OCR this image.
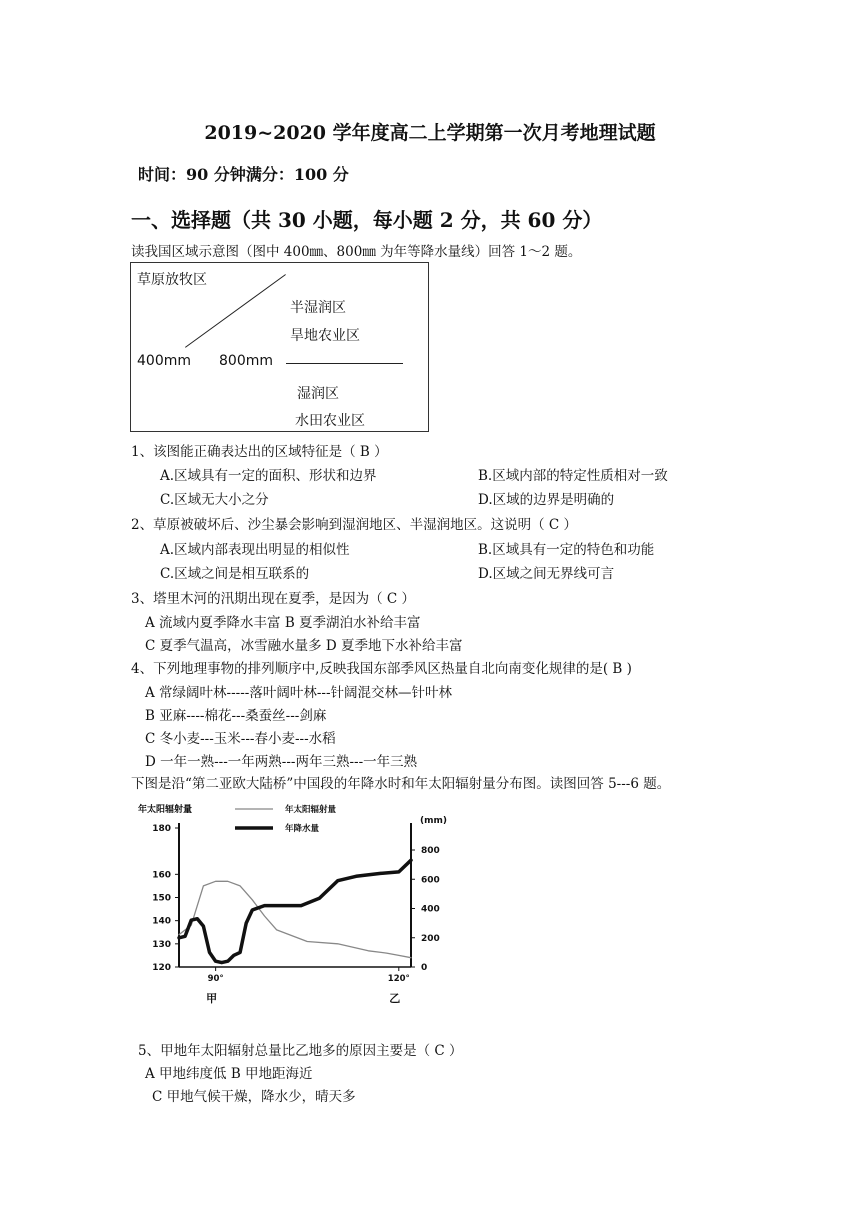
2019~2020 学年度高二上学期第一次月考地理试题
时间：90 分钟满分：100 分
一、选择题（共 30 小题，每小题 2 分，共 60 分）
读我国区域示意图（图中 400㎜、800㎜ 为年等降水量线）回答 1～2 题。
草原放牧区
半湿润区
旱地农业区
400mm 800mm
湿润区
水田农业区
1、该图能正确表达出的区域特征是（ B ）
A.区域具有一定的面积、形状和边界	B.区域内部的特定性质相对一致
C.区域无大小之分	D.区域的边界是明确的
2、草原被破坏后、沙尘暴会影响到湿润地区、半湿润地区。这说明（ C ）
A.区域内部表现出明显的相似性	B.区域具有一定的特色和功能
C.区域之间是相互联系的	D.区域之间无界线可言
3、塔里木河的汛期出现在夏季，是因为（ C ）
A 流域内夏季降水丰富 B 夏季湖泊水补给丰富
C 夏季气温高，冰雪融水量多 D 夏季地下水补给丰富
4、下列地理事物的排列顺序中,反映我国东部季风区热量自北向南变化规律的是( B )
A 常绿阔叶林-----落叶阔叶林---针阔混交林—针叶林
B 亚麻----棉花---桑蚕丝---剑麻
C 冬小麦---玉米---春小麦---水稻
D 一年一熟---一年两熟---两年三熟---一年三熟
下图是沿“第二亚欧大陆桥”中国段的年降水时和年太阳辐射量分布图。读图回答 5---6 题。
年太阳辐射量	年太阳辐射量
年降水量
(mm)
180
160
150
140
130
120
800
600
400
200
0
90°
甲
120°
乙
5、甲地年太阳辐射总量比乙地多的原因主要是（ C ）
A 甲地纬度低 B 甲地距海近
C 甲地气候干燥，降水少，晴天多
